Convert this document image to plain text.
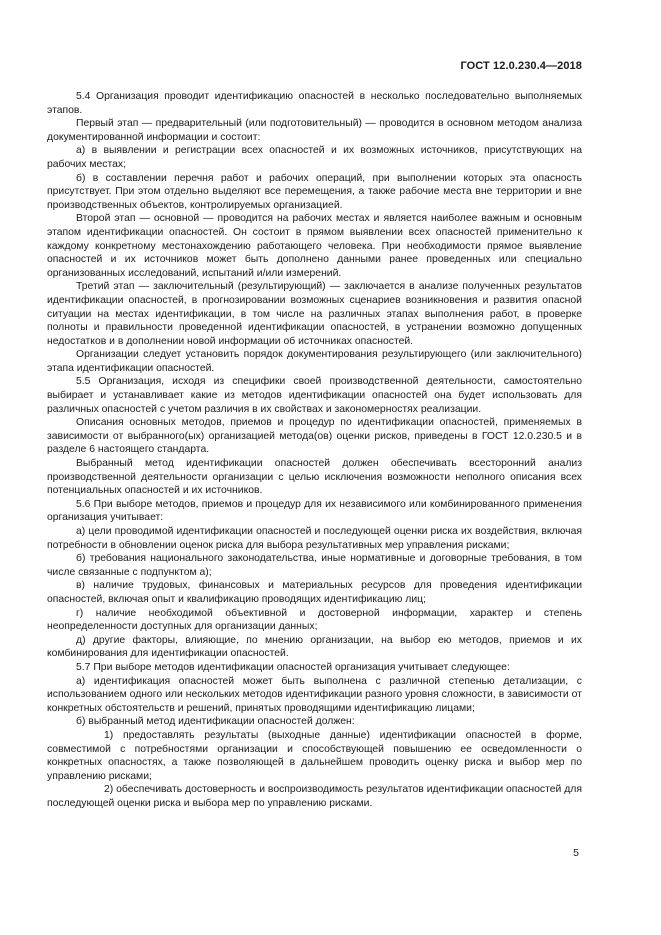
ГОСТ 12.0.230.4—2018

5.4 Организация проводит идентификацию опасностей в несколько последовательно выполняемых этапов.

Первый этап — предварительный (или подготовительный) — проводится в основном методом анализа документированной информации и состоит:

а) в выявлении и регистрации всех опасностей и их возможных источников, присутствующих на рабочих местах;

б) в составлении перечня работ и рабочих операций, при выполнении которых эта опасность присутствует. При этом отдельно выделяют все перемещения, а также рабочие места вне территории и вне производственных объектов, контролируемых организацией.

Второй этап — основной — проводится на рабочих местах и является наиболее важным и основным этапом идентификации опасностей. Он состоит в прямом выявлении всех опасностей применительно к каждому конкретному местонахождению работающего человека. При необходимости прямое выявление опасностей и их источников может быть дополнено данными ранее проведенных или специально организованных исследований, испытаний и/или измерений.

Третий этап — заключительный (результирующий) — заключается в анализе полученных результатов идентификации опасностей, в прогнозировании возможных сценариев возникновения и развития опасной ситуации на местах идентификации, в том числе на различных этапах выполнения работ, в проверке полноты и правильности проведенной идентификации опасностей, в устранении возможно допущенных недостатков и в дополнении новой информации об источниках опасностей.

Организации следует установить порядок документирования результирующего (или заключительного) этапа идентификации опасностей.

5.5 Организация, исходя из специфики своей производственной деятельности, самостоятельно выбирает и устанавливает какие из методов идентификации опасностей она будет использовать для различных опасностей с учетом различия в их свойствах и закономерностях реализации.

Описания основных методов, приемов и процедур по идентификации опасностей, применяемых в зависимости от выбранного(ых) организацией метода(ов) оценки рисков, приведены в ГОСТ 12.0.230.5 и в разделе 6 настоящего стандарта.

Выбранный метод идентификации опасностей должен обеспечивать всесторонний анализ производственной деятельности организации с целью исключения возможности неполного описания всех потенциальных опасностей и их источников.

5.6 При выборе методов, приемов и процедур для их независимого или комбинированного применения организация учитывает:

а) цели проводимой идентификации опасностей и последующей оценки риска их воздействия, включая потребности в обновлении оценок риска для выбора результативных мер управления рисками;

б) требования национального законодательства, иные нормативные и договорные требования, в том числе связанные с подпунктом а);

в) наличие трудовых, финансовых и материальных ресурсов для проведения идентификации опасностей, включая опыт и квалификацию проводящих идентификацию лиц;

г) наличие необходимой объективной и достоверной информации, характер и степень неопределенности доступных для организации данных;

д) другие факторы, влияющие, по мнению организации, на выбор ею методов, приемов и их комбинирования для идентификации опасностей.

5.7 При выборе методов идентификации опасностей организация учитывает следующее:

а) идентификация опасностей может быть выполнена с различной степенью детализации, с использованием одного или нескольких методов идентификации разного уровня сложности, в зависимости от конкретных обстоятельств и решений, принятых проводящими идентификацию лицами;

б) выбранный метод идентификации опасностей должен:

1) предоставлять результаты (выходные данные) идентификации опасностей в форме, совместимой с потребностями организации и способствующей повышению ее осведомленности о конкретных опасностях, а также позволяющей в дальнейшем проводить оценку риска и выбор мер по управлению рисками;

2) обеспечивать достоверность и воспроизводимость результатов идентификации опасностей для последующей оценки риска и выбора мер по управлению рисками.

5
